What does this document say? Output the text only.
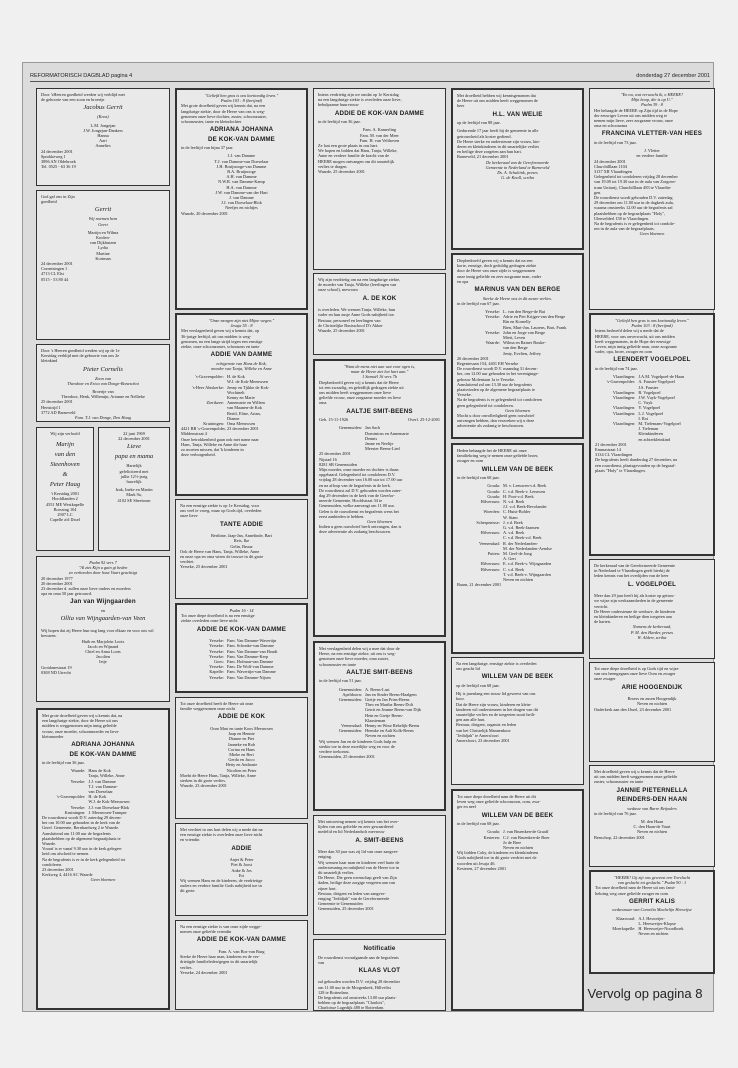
REFORMATORISCH DAGBLAD pagina 4	donderdag 27 december 2001
Door 'sHeeren goedheid werden wij verblijd met
de geboorte van een zoon en broertje
Jacobus Gerrit
(Koos)
L.M. Jongejan
J.W. Jongejan-Dankers
Hanna
Aart
Annelies
24 december 2001
Sprokkeweg 1
3896 AN Oldebroek
Tel. 0525 - 63 36 19
God gaf ons in Zijn
goedheid
Gerrit
Wij noemen hem
Geert
Martijn en Wilma
Koolen-
van Dijkhuizen
Lydia
Martine
Kortman
24 december 2001
Cornetsingen 1
4713 CL Elst
0515 - 53 80 44
Door 's Heeren goedheid werden wij op de 1e
Kerstdag verblijd met de geboorte van ons 2e
kleinkind
Pieter Cornelis
Zoon van
Theodoor en Erica van Donge-Boneschot
Broertje van
Theodoor, Henk, Willemijn, Arianne en Nellieke
25 december 2001
Hertstrijd 1
3772 AD Barneveld
Fam. T.J. van Donge, Den Haag
Wij zijn verloofd
Marijn
van den
Steenhoven
&
Peter Haag
't Kerstdag 2001
Hoofdlanden 2
4551 ME Westkapelle
Borssing 104
2907 LC
Capelle a/d IJssel
22 juni 1969
22 december 2001
Lieve
papa en mama
Hartelijk
gefeliciteerd met
jullie 12½-jarig
huwelijk
Izak, Ineke en Martin
Mark 9a,
4102 SE Sheetoom
Psalm 92 vers 7
"Al ziet Kijn u gain gi heden
zo verhoeden door hout Vaart geachtigt
20 december 1977
20 december 2001
23 december d. zullen onze lieve ouders en moeders
opa en oma 50 jaar getrouwd.
Jan van Wijngaarden
en
Ollia van Wijngaarden-van Veen
Wij hopen dat zij Heere hun nog lang voor elkaar en voor ons wil
bewaren.
Huib en Marjolein Loots
Jacob en Wijnand
Chiel en Anna Loots
Jacolien
Ietje
Grotdanestraat 19
0308 ND Utrecht
Met grote droefheid geven wij u kennis dat, na
een langdurige ziekte, door de Heere uit ons
midden is weggenomen mijn innig geliefde
vrouw, onze moeder, schoonmoeder en lieve
kleinmoeder
ADRIANA JOHANNA
DE KOK-VAN DAMME
in de leeftijd van 36 jaar.
Waarde: Hans de Kok
Tanja, Willeke, Anne
Yerseke: J.J. van Damme
T.J. van Damme-
van Doeselaar
's-Gravenpolder: H. de Kok
W.J. de Kok-Meeuwsen
Yerseke: J.J. van Doeselaar-Blok
Kruiningen: J. Meeuwsen-Tramper
De rouwdienst wordt D.V. zaterdag 29 decem-
ber om 10.00 uur gehouden in de kerk van de
Geref. Gemeente, Bernhardweg 2 te Waarde.
Aansluitend om 11.00 uur de begrafenis
plaatshebben op de algemene begraafplaats te
Waarde.
Vooraf is er vanaf 9.30 uur in de kerk gelegen-
heid om afscheid te nemen.
Na de begrafenis is er in de kerk gelegenheid tot
condoleren.
23 december 2001
Kerkweg 4, 4416 AC Waarde
Geen bloemen
"Geliefd hen gras is ons korttondig leven."
Psalm 103 : 8 (berijmd)
Met grote droefheid geven wij kennis dat, na een
langdurige ziekte, door de Heere van ons is weg-
genomen onze lieve dochter, zuster, schoonzuster,
schoonzuster, tante en kleindochter
ADRIANA JOHANNA
DE KOK-VAN DAMME
in de leeftijd van bijna 37 jaar.
J.J. van Damme
T.J. van Damme-van Doeselaar
J.H. Bruijnooge-van Damme
B.A. Bruijnooge
A.H. van Damme
N.W.R. van Damme-Kamp
H.A. van Damme
J.W. van Damme-van der Hart
J. van Damme
J.J. van Doeselaar-Blok
Neefjes en nichtjes
Waarde, 20 december 2001
"Onze morgen zijn niet Mijne wegen."
Jesaja 55 : 8
Met verslagenheid geven wij u kennis dat, op
36-jarige leeftijd, uit ons midden is weg-
genomen, na een lange strijd tegen een ernstige
ziekte, onze schoonzuster, schoonzus en tante
ADDIE VAN DAMME
echtgenote van Hans de Kok,
moeder van Tanja, Willeke en Anne
's-Gravenpolder: H. de Kok
W.J. de Kok-Meeuwsen
's-Heer Abtskerke: Jenny en Tjikke de Kok-
Wochinelt
Kenny en Marie
Zierikzee: Annemarie en Willem
van Maanen-de Kok
Bertil, Eline, Arian,
Dianne
Kruiningen: Oma Meeuwsen
4421 BR 's-Gravenpolder, 23 december 2001
Middenstraat 4
Onze betrokkenheid gaan ook met name naar
Hans, Tanja, Willeke en Anne die haar
zo moeten missen, dat 'k kinderen in
deze verborgenheid.
Na een ernstige ziekte is op 1e Kerstdag, voor
ons veel te vroeg, maar op Gods tijd, overleden
onze lieve
TANTE ADDIE
Berthine, Jaap-Jan, Annelinde, Bart
Reis, Ike
Gelin, Bruuz
Ook de Heere van Hans, Tanja, Willeke, Anne
en onze opa en oma wiens de trouwe in dit grote
verdriet.
Yerseke, 25 december 2001
Psalm 16 - 14
Tot onze diepe droefheid is na een ernstige
ziekte overleden onze lieve nicht
ADDIE DE KOK-VAN DAMME
Yerseke: Fam. Van Damme-Wavertijn
Yerseke: Fam. Schonke-van Damme
Yerseke: Fam. Van Damme-van Houdt
Yerseke: Fam. Van Damme-Kerp
Goes: Fam. Hofman-van Damme
Yerseke: Fam. De Wolf-van Damme
Kapelle: Fam. Wavertijn-van Damme
Yerseke: Fam. Van Damme-Nijsen
Tot onze droefheid heeft de Heere uit onze
familie weggenomen onze nicht
ADDIE DE KOK
Oom Mart en tante Koos Meeuwsen
Jaap en Hennie
Dianne en Piet
Janneke en Rob
Corina en Hans
Mieke en Bert
Gerda en Jacco
Hetty en Anthonie
Nicolien en Peter
Moeht de Heere Hans, Tanja, Willeke, Anne
sterken in dit grote verlies.
Waarde, 23 december 2001
Met verdriet in ons hart delen wij u mede dat na
een ernstige ziekte is overleden onze lieve nicht
en vriendin
ADDIE
Anjet & Peter
Piet & Joost
Anke & Jos
Eri
Wij wensen Hans en de kinderen, de verdrietige
ouders en verdere familie Gods nabijheid toe in
dit grote.
Na een ernstige ziekte is van onze zijde wegge-
nomen onze geliefde vriendin
ADDIE DE KOK-VAN DAMME
Fam. A. van Bos-van Burg
Sterke de Heere haar man, kinderen en de ver-
drietigde familieleden/gegen in dit smartelijk
verlies.
Yerseke, 24 december 2001
Intens verdrietig zijn we omdat op 1e Kerstdag
na een langdurige ziekte is overleden onze lieve,
behulpzame buurvrouw
ADDIE DE KOK-VAN DAMME
in de leeftijd van 36 jaar.
Fam. A. Kamerling
Fam. M. van der Meer
Fam. H. van Velthoven
Ze laat een grote plaats in ons hart.
We hopen en bidden dat Hans, Tanja, Willeke,
Anne en verdere familie de kracht van de
HEERE mogen ontvangen om dit smartelijk
verlies te dragen.
Waarde, 25 december 2001
Wij zijn verdrietig om na een langdurige ziekte,
de moeder van Tanja, Willeke (leerlingen van
onze school), mevrouw
A. DE KOK
is overleden. We wensen Tanja, Willeke, hun
vader en hun zusje Anne Gods nabijheid toe.
Bestuur, personeel en leerlingen van
de Christelijke Basisschool D'r Akker
Waarde, 25 december 2001
"Want de mens niet aan wat voor ogen is,
maar de Heere ziet het hart aan."
1 Samuël 16 vers 7b
Diepbedroefd geven wij u kennis dat de Heere
tot een zwaarlig, en geleidlijk gedragen ziekte uit
ons midden heeft weggenomen onze lieve
geliefde vrouw, onze zorgzame moeder en lieve
oma
AALTJE SMIT-BEENS
Geb. 15-11-1926	Overl. 25-12-2001
Genemuiden: Jan Sach
Dominicus en Annemarie
Dennis
Janne en Neeltje
Meester Beens-Lied
25 december 2001
Nijstad 16
8281 SB Genemuiden
Mijn moeder, onze moeder en dochter is thans
opgebaard. Gelegenheid tot condoleren D.V.
vrijdag 28 december van 16.00 uur tot 17.00 uur
en na afloop van de begrafenis in de kerk.
De rouwdienst zal D.V. gehouden worden zater-
dag 29 december in de kerk van de Gerefor-
meerde Gemeente, Hoofdstraat 34 te
Genemuiden, welke aanvangt om 11.00 uur.
Gelen is de rouwdienst en begrafenis wens het
eerst aanbieden te hebben.
Geen bloemen
Indien u geen rouwbrief heeft ontvangen, dan is
deze advertentie als zodanig beschouwen.
Met verslagenheid delen wij u mee dat door de
Heere, na een ernstige ziekte, uit ons is weg-
genomen onze lieve moeder, oma zuster,
schoonzuster en tante
AALTJE SMIT-BEENS
in de leeftijd van 51 jaar.
Genemuiden: A. Beens-Last
Apeldoorn: Jan en Sinder Beens-Haalgem
Genemuiden: Gretje en Jan Prins-Beens
Theo en Martha Beens-Dolt
Gerrit en Jeanne Beens-van Dijk
Hein en Gretje Beens-
Klaasteman
Veenendaal: Henny en Wout Rebelijk-Beens
Genemuiden: Hermke en Aalt Kolk-Beens
Neven en nichten
Wij wensen Jan en de kinderen Gods hulp en
sterkte toe in deze moeilijke weg en voor de
verdere toekomst.
Genemuiden, 25 december 2001
Met ontroering nemen wij kennis van het over-
lijden van ons geliefde en zeer gewaardeerd
medelid en lid Nederlandsch mevrouw
A. SMIT-BEENS
Meer dan 30 jaar was zij lid van onze zangver-
eniging.
Wij wensen haar man en kinderen veel harte de
ondersteuning en nabijheid van de Heere toe in
dit smartelijk verlies.
De Heere, Die geen roemschap geeft van Zijn
daden, heilige deze zorgige vergeten aan van
zijner hart.
Bestuur, dirigent en leden van zangver-
eniging "Jedidjah" van de Gereformeerde
Gemeente te Genemuiden
Genemuiden, 25 december 2001
Notificatie
De rouwdienst voorafgaande aan de begrafenis
van
KLAAS VLOT
zal gehouden worden D.V. vrijdag 28 december
om 11.00 uur in de Morgenkerk, Hillvelist
128 te Rotterdam.
De begrafenis zal omstreeks 13.00 uur plaats-
hebben op de begraafplaats "Charlois",
Charloisse Lagedijk 480 te Rotterdam.
Met droefheid hebben wij kennisgenomen dat
de Heere uit ons midden heeft weggenomen de
heer
H.L. VAN WELIE
op de leeftijd van 88 jaar.
Gedurende 17 jaar heeft hij de gemeente in alle
getrouwheid als koster gediend.
De Heere sterke en ondersteune zijn vrouw, kin-
deren en kleinkinderen in dit smartelijke verlies
en heilige deze zorgeten aan hun hart.
Barneveld, 21 december 2001
De kerkeraad van de Gereformeerde
Gemeente in Nederland te Barneveld
Ds. A. Schultink, preses
G. de Knoll, scriba
Diepbedroefd geven wij u kennis dat na een
korte, ernstige, doch geduldig gedragen ziekte
door de Heere van onze zijde is weggenomen
onze innig geliefde en zeer zorgzame man, vader
en opa
MARINUS VAN DEN BERGE
Sterke de Heere ons in dit zware verlies.
in de leeftijd van 67 jaar.
Yerseke: L. van den Berge-de Bat
Yerseke: Adrie en Piet Krijger-van den Berge
Rin en Kornelly
Bien, Mart-Jan, Laurens, Bart, Frank
Yerseke: John en Jorge van Berge
Miett, Leven
Waarde: Wilma en Rainer Bouke-
van den Berge
Jenty, Evelien, Jeffrey
26 december 2001
Regentesaan 154, 4401 EH Yerseke
De rouwdienst wordt D.V. maandag 31 decem-
ber, om 12.00 uur gehouden in het vereniginge-
gebouw Molentaan 1a te Yerseke.
Aansluitend zal om 13.30 uur de begrafenis
plaatsvinden op de algemene begraafplaats te
Yerseke.
Na de begrafenis is er gelegenheid tot condoleren
geen gelegenheid tot condoleren.
Geen bloemen
Mocht u door onvolledigheid geen rouwbrief
ontvangen hebben, dan verzoeken wij u deze
advertentie als zodanig te beschouwen.
Heden behaagde het de HEERE uit onze
familiekring weg te nemen onze geliefde broer,
zwager en oom
WILLEM VAN DE BEEK
in de leeftijd van 68 jaar.
Gouda: M. v. Leeuwen-v.d. Beek
Gouda: C. v.d. Beek-v. Leeuwen
Gouda: H. Poot-v.d. Beek
Hilversum: N. v.d. Beek
J.J. v.d. Beek-Bevolander
Woerden: C. Huist-Bolder
W. Stam
Scherpenisse: J. v.d. Beek
G. v.d. Beek-Jaansen
Hilversum: A. v.d. Beek
C. v.d. Beek-v.d. Beek
Veenendaal: R. der Nederlanden-
M. der Nederlanden-Aendse
Putten: M. Geel-de Jong
A. Gert
Hilversum: E. v.d. Beek-v. Wijngaarden
Hilversum: C. v.d. Beek
T. v.d. Beek-v. Wijngaarden
Neven en nichten
Baarn, 21 december 2001
Na een langdurige, ernstige ziekte is overleden
ons geacht lid
WILLEM VAN DE BEEK
op de leeftijd van 68 jaar.
Hij is jarenlang een trouw lid geweest van ons
koor.
Dat de Heere zijn vrouw, kinderen en klein-
kinderen wil ondersteunen in het dragen van dit
smartelijke verlies en de toegeeten nooit heili-
gen aan alle hart.
Bestuur, dirigent, organist en leden
van het Christelijk Mannenkoor
"Jedidjah" te Amersfoort
Amersfoort, 23 december 2001
Tot onze diepe droefheid nam de Heere uit dit
leven weg onze geliefde schoonzoon, oom, zwa-
ger en neef
WILLEM VAN DE BEEK
in de leeftijd van 68 jaar.
Gouda: J. van Bruenken-de Graaff
Kesteren: C.J. van Bruenken-de Boer
Jo de Bree
Neven en nichten
Wij bidden Coby, de kinderen en kleinkinderen
Gods nabijheid toe in dit grote verdriet met de
woorden uit Jesaja 46.
Kesteren, 27 december 2001
"En nu, wat verwacht ik, o HEERE?
Mijn hoop, die is op U."
Psalm 39 : 8
Het behaagde de HEERE op Zijn tijd in de Hope
der eeuwiger Leven uit ons midden weg te
nemen mijn lieve, zeer zorgzame vrouw, onze
oma en schoonoma
FRANCINA VLETTER-VAN HEES
in de leeftijd van 73 jaar.
J. Vletter
en verdere familie
24 december 2001
Churchilllaan 1104
3137 XR Vlaardingen
Gelegenheid tot condoleren vrijdag 28 december
van 19.00 tot 19.30 uur in de aula van Zorgcen-
trum Unitarij, Churchilllaan 483 te Vlaardin-
gen.
De rouwdienst wordt gehouden D.V. zaterdag
29 december om 11.00 uur in de dagkerk aula,
waarna omstreeks 12.00 uur de begrafenis zal
plaatshebben op de begraafplaats "Holy",
Ulenvelderl 158 te Vlaardingen.
Na de begrafenis is er gelegenheid tot condole-
ren in de aula van de begraafplaats.
Geen bloemen
"Geliefd hen gras is ons korttondig leven."
Psalm 103 : 8 (berijmd)
Intens bedroefd delen wij u mede dat de
HEERE, voor ons onverwacht, uit ons midden
heeft weggenomen, in de Hope der eeuwige
Leven, mijn innig geliefde man, onze zorgzame
vader, opa, broer, zwager en oom
LEENDERT VOGELPOEL
in de leeftijd van 74 jaar.
Vlaardingen: J.A.M. Vogelpoel-de Haan
's-Gravenpolder: A. Fauster-Vogelpoel
J.S. Fauster
Vlaardingen: B. Vogelpoel
Vlaardingen: J.W. Vuyk-Vogelpoel
C. Vuyk
Vlaardingen: Y. Vogelpoel
Vlaardingen: L.J. Vogelpoel
I. Rot
Vlaardingen: M. Tielemans-Vogelpoel
J. Tieleman
Kleinkinderen
en achterkleinkind
21 december 2001
Emmastraat 14
3134 CL Vlaardingen
De begrafenis heeft donderdag 27 december, na
een rouwdienst, plaatsgevonden op de begraaf-
plaats "Holy" te Vlaardingen.
De kerkeraad van de Gereformeerde Gemeente
in Nederland te Vlaardingen geeft hierbij de
leden kennis van het overlijden van de heer
L. VOGELPOEL
Meer dan 29 jaar heeft hij als koster op getrou-
we wijze zijn werkzaamheden in de gemeente
verricht.
De Heere ondersteune de weduwe, de kinderen
en kleinkinderen en heilige dien toegeten aan
de harten.
Namens de kerkeraad,
P. M. den Harder, preses
W. Alderr, scriba
Tot onze diepe droefheid is op Gods tijd en wijze
van ons heengegaan onze lieve Oom en zwager
onze zwager
ARIE HOOGENDIJK
Broers en zusen Hoogendijk
Neven en nichten
Ouderkerk aan den IJssel, 23 december 2001
Met droefheid geven wij u kennis dat de Heere
uit ons midden heeft weggenomen onze geliefde
zuster, schoonzuster en tante
JANNIE PIETERNELLA
REINDERS-DEN HAAN
weduwe van Barre Reijnders
in de leeftijd van 76 jaar.
M. den Haan
C. den Haan-de Vaart
Neven en nichten
Benschop, 22 december 2001
"HEERE! Gij zijt ons geweest een Toevlucht
van geslacht tot geslacht." Psalm 90 : 1
Tot onze droefheid nam de Heere uit ons fami-
liekring weg onze geliefde zwager en oom
GERRIT KALIS
weduwnaar van Cornelia Machelijn Heesvijse
Klaaswaal: A.J. Hesweijer-
L. Heesweijer-Klopse
Moerkapelle: H. Heesweijer-Noordhoek
Neven en nichten
Vervolg op pagina 8
